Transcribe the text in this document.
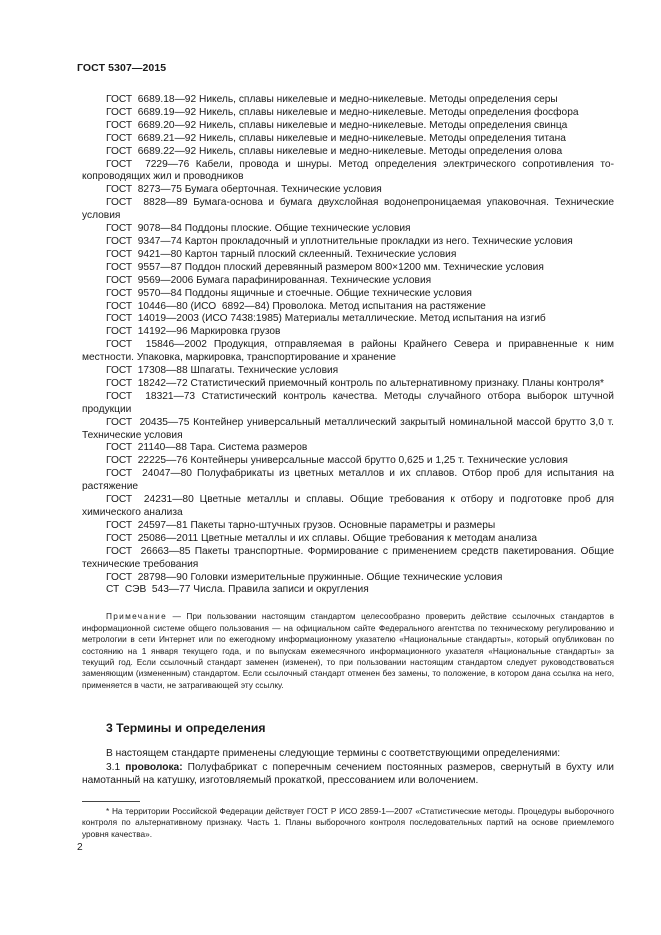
ГОСТ 5307—2015

ГОСТ  6689.18—92 Никель, сплавы никелевые и медно-никелевые. Методы определения серы

ГОСТ  6689.19—92 Никель, сплавы никелевые и медно-никелевые. Методы определения фосфора

ГОСТ  6689.20—92 Никель, сплавы никелевые и медно-никелевые. Методы определения свинца

ГОСТ  6689.21—92 Никель, сплавы никелевые и медно-никелевые. Методы определения титана

ГОСТ  6689.22—92 Никель, сплавы никелевые и медно-никелевые. Методы определения олова

ГОСТ  7229—76 Кабели, провода и шнуры. Метод определения электрического сопротивления токопроводящих жил и проводников

ГОСТ  8273—75 Бумага оберточная. Технические условия

ГОСТ  8828—89 Бумага-основа и бумага двухслойная водонепроницаемая упаковочная. Технические условия

ГОСТ  9078—84 Поддоны плоские. Общие технические условия

ГОСТ  9347—74 Картон прокладочный и уплотнительные прокладки из него. Технические условия

ГОСТ  9421—80 Картон тарный плоский склеенный. Технические условия

ГОСТ  9557—87 Поддон плоский деревянный размером 800×1200 мм. Технические условия

ГОСТ  9569—2006 Бумага парафинированная. Технические условия

ГОСТ  9570—84 Поддоны ящичные и стоечные. Общие технические условия

ГОСТ  10446—80 (ИСО  6892—84) Проволока. Метод испытания на растяжение

ГОСТ  14019—2003 (ИСО 7438:1985) Материалы металлические. Метод испытания на изгиб

ГОСТ  14192—96 Маркировка грузов

ГОСТ  15846—2002 Продукция, отправляемая в районы Крайнего Севера и приравненные к ним местности. Упаковка, маркировка, транспортирование и хранение

ГОСТ  17308—88 Шпагаты. Технические условия

ГОСТ  18242—72 Статистический приемочный контроль по альтернативному признаку. Планы контроля*

ГОСТ  18321—73 Статистический контроль качества. Методы случайного отбора выборок штучной продукции

ГОСТ  20435—75 Контейнер универсальный металлический закрытый номинальной массой брутто 3,0 т. Технические условия

ГОСТ  21140—88 Тара. Система размеров

ГОСТ  22225—76 Контейнеры универсальные массой брутто 0,625 и 1,25 т. Технические условия

ГОСТ  24047—80 Полуфабрикаты из цветных металлов и их сплавов. Отбор проб для испытания на растяжение

ГОСТ  24231—80 Цветные металлы и сплавы. Общие требования к отбору и подготовке проб для химического анализа

ГОСТ  24597—81 Пакеты тарно-штучных грузов. Основные параметры и размеры

ГОСТ  25086—2011 Цветные металлы и их сплавы. Общие требования к методам анализа

ГОСТ  26663—85 Пакеты транспортные. Формирование с применением средств пакетирования. Общие технические требования

ГОСТ  28798—90 Головки измерительные пружинные. Общие технические условия

СТ  СЭВ  543—77 Числа. Правила записи и округления

Примечание — При пользовании настоящим стандартом целесообразно проверить действие ссылочных стандартов в информационной системе общего пользования — на официальном сайте Федерального агентства по техническому регулированию и метрологии в сети Интернет или по ежегодному информационному указателю «Национальные стандарты», который опубликован по состоянию на 1 января текущего года, и по выпускам ежемесячного информационного указателя «Национальные стандарты» за текущий год. Если ссылочный стандарт заменен (изменен), то при пользовании настоящим стандартом следует руководствоваться заменяющим (измененным) стандартом. Если ссылочный стандарт отменен без замены, то положение, в котором дана ссылка на него, применяется в части, не затрагивающей эту ссылку.

3 Термины и определения

В настоящем стандарте применены следующие термины с соответствующими определениями:

3.1 проволока: Полуфабрикат с поперечным сечением постоянных размеров, свернутый в бухту или намотанный на катушку, изготовляемый прокаткой, прессованием или волочением.

* На территории Российской Федерации действует ГОСТ Р ИСО 2859-1—2007 «Статистические методы. Процедуры выборочного контроля по альтернативному признаку. Часть 1. Планы выборочного контроля последовательных партий на основе приемлемого уровня качества».

2
